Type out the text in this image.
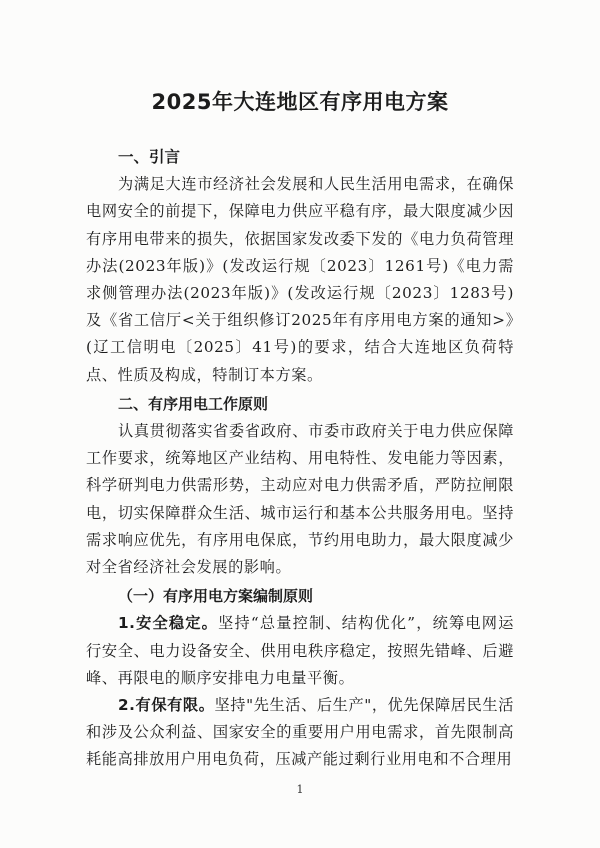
2025年大连地区有序用电方案

一、引言

为满足大连市经济社会发展和人民生活用电需求，在确保电网安全的前提下，保障电力供应平稳有序，最大限度减少因有序用电带来的损失，依据国家发改委下发的《电力负荷管理办法(2023年版)》(发改运行规〔2023〕1261号)《电力需求侧管理办法(2023年版)》(发改运行规〔2023〕1283号)及《省工信厅<关于组织修订2025年有序用电方案的通知>》(辽工信明电〔2025〕41号)的要求，结合大连地区负荷特点、性质及构成，特制订本方案。

二、有序用电工作原则

认真贯彻落实省委省政府、市委市政府关于电力供应保障工作要求，统筹地区产业结构、用电特性、发电能力等因素，科学研判电力供需形势，主动应对电力供需矛盾，严防拉闸限电，切实保障群众生活、城市运行和基本公共服务用电。坚持需求响应优先，有序用电保底，节约用电助力，最大限度减少对全省经济社会发展的影响。

（一）有序用电方案编制原则

1.安全稳定。坚持“总量控制、结构优化”，统筹电网运行安全、电力设备安全、供用电秩序稳定，按照先错峰、后避峰、再限电的顺序安排电力电量平衡。

2.有保有限。坚持"先生活、后生产"，优先保障居民生活和涉及公众利益、国家安全的重要用户用电需求，首先限制高耗能高排放用户用电负荷，压减产能过剩行业用电和不合理用

1
